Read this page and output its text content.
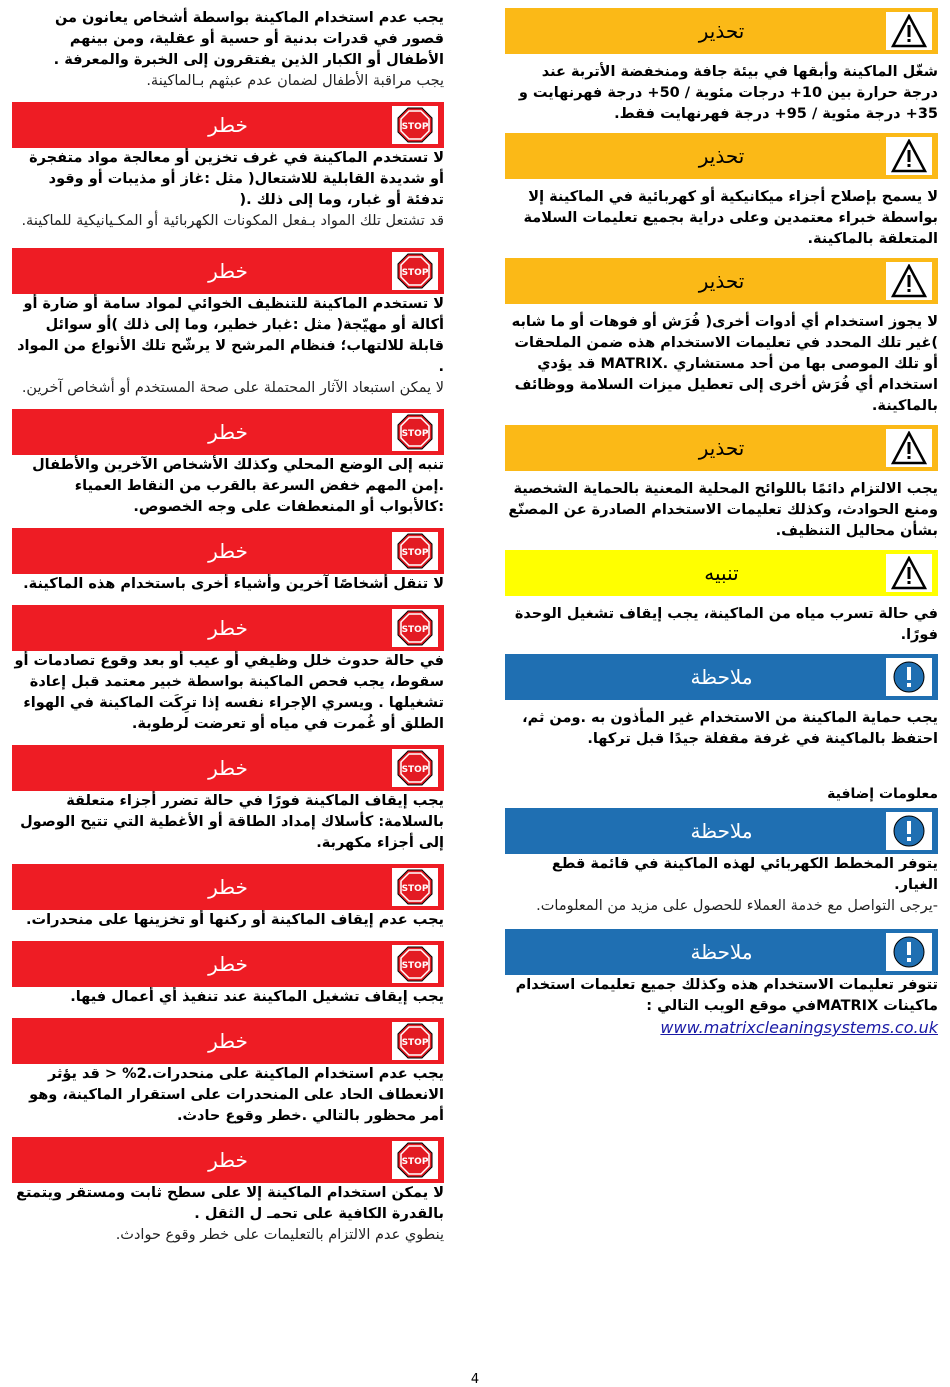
يجب عدم استخدام الماكينة بواسطة أشخاص يعانون من قصور في قدرات بدنية أو حسية أو عقلية، ومن بينهم الأطفال أو الكبار الذين يفتقرون إلى الخبرة والمعرفة .

يجب مراقبة الأطفال لضمان عدم عبثهم بـالماكينة.

خطر	STOP

لا تستخدم الماكينة في غرف تخزين أو معالجة مواد متفجرة أو شديدة القابلية للاشتعال( مثل :غاز أو مذيبات أو وقود تدفئة أو غبار، وما إلى ذلك .(

قد تشتعل تلك المواد بـفعل المكونات الكهربائية أو المكـيانيكية للماكينة.

خطر	STOP

لا تستخدم الماكينة للتنظيف الخوائي لمواد سامة أو ضارة أو أكالة أو مهيّجة( مثل :غبار خطير، وما إلى ذلك )أو سوائل قابلة للالتهاب؛ فنظام المرشح لا يرشّح تلك الأنواع من المواد .

لا يمكن استبعاد الآثار المحتملة على صحة المستخدم أو أشخاص آخرين.

خطر	STOP

تنبه إلى الوضع المحلي وكذلك الأشخاص الآخرين والأطفال .إمن المهم خفض السرعة بالقرب من النقاط العمياء :كالأبواب أو المنعطفات على وجه الخصوص.

خطر	STOP

لا تنقل أشخاصًا آخرين وأشياء أخرى باستخدام هذه الماكينة.

خطر	STOP

في حالة حدوث خلل وظيفي أو عيب أو بعد وقوع تصادمات أو سقوط، يجب فحص الماكينة بواسطة خبير معتمد قبل إعادة تشغيلها . ويسري الإجراء نفسه إذا ترِكَت الماكينة في الهواء الطلق أو غُمرت في مياه أو تعرضت لرطوبة.

خطر	STOP

يجب إيقاف الماكينة فورًا في حالة تضرر أجزاء متعلقة بالسلامة: كأسلاك إمداد الطاقة أو الأغطية التي تتيح الوصول إلى أجزاء مكهربة.

خطر	STOP

يجب عدم إيقاف الماكينة أو ركنها أو تخزينها على منحدرات.

خطر	STOP

يجب إيقاف تشغيل الماكينة عند تنفيذ أي أعمال فيها.

خطر	STOP

يجب عدم استخدام الماكينة على منحدرات.2% < قد يؤثر الانعطاف الحاد على المنحدرات على استقرار الماكينة، وهو أمر محظور بالتالي .خطر وقوع حادث.

خطر	STOP

لا يمكن استخدام الماكينة إلا على سطح ثابت ومستقر ويتمتع بالقدرة الكافية على تحمـ ل الثقل .

ينطوي عدم الالتزام بالتعليمات على خطر وقوع حوادث.

تحذير

شغّل الماكينة وأبقها في بيئة جافة ومنخفضة الأتربة عند درجة حرارة بين 10+ درجات مئوية / 50+ درجة فهرنهايت و 35+ درجة مئوية / 95+ درجة فهرنهايت فقط.

تحذير

لا يسمح بإصلاح أجزاء ميكانيكية أو كهربائية في الماكينة إلا بواسطة خبراء معتمدين وعلى دراية بجميع تعليمات السلامة المتعلقة بالماكينة.

تحذير

لا يجوز استخدام أي أدوات أخرى( فُرَش أو فوهات أو ما شابه )غير تلك المحدد في تعليمات الاستخدام هذه ضمن الملحقات أو تلك الموصى بها من أحد مستشاري .MATRIX قد يؤدي استخدام أي فُرَش أخرى إلى تعطيل ميزات السلامة ووظائف بالماكينة.

تحذير

يجب الالتزام دائمًا باللوائح المحلية المعنية بالحماية الشخصية ومنع الحوادث، وكذلك تعليمات الاستخدام الصادرة عن المصنّع بشأن محاليل التنظيف.

تنبيه

في حالة تسرب مياه من الماكينة، يجب إيقاف تشغيل الوحدة فورًا.

ملاحظة

يجب حماية الماكينة من الاستخدام غير المأذون به .ومن ثم، احتفظ بالماكينة في غرفة مقفلة جيدًا قبل تركها.

معلومات إضافية
ملاحظة

يتوفر المخطط الكهربائي لهذه الماكينة في قائمة قطع الغيار.

-يرجى التواصل مع خدمة العملاء للحصول على مزيد من المعلومات.

ملاحظة

تتوفر تعليمات الاستخدام هذه وكذلك جميع تعليمات استخدام ماكينات MATRIXفي موقع الويب التالي :

www.matrixcleaningsystems.co.uk

4
